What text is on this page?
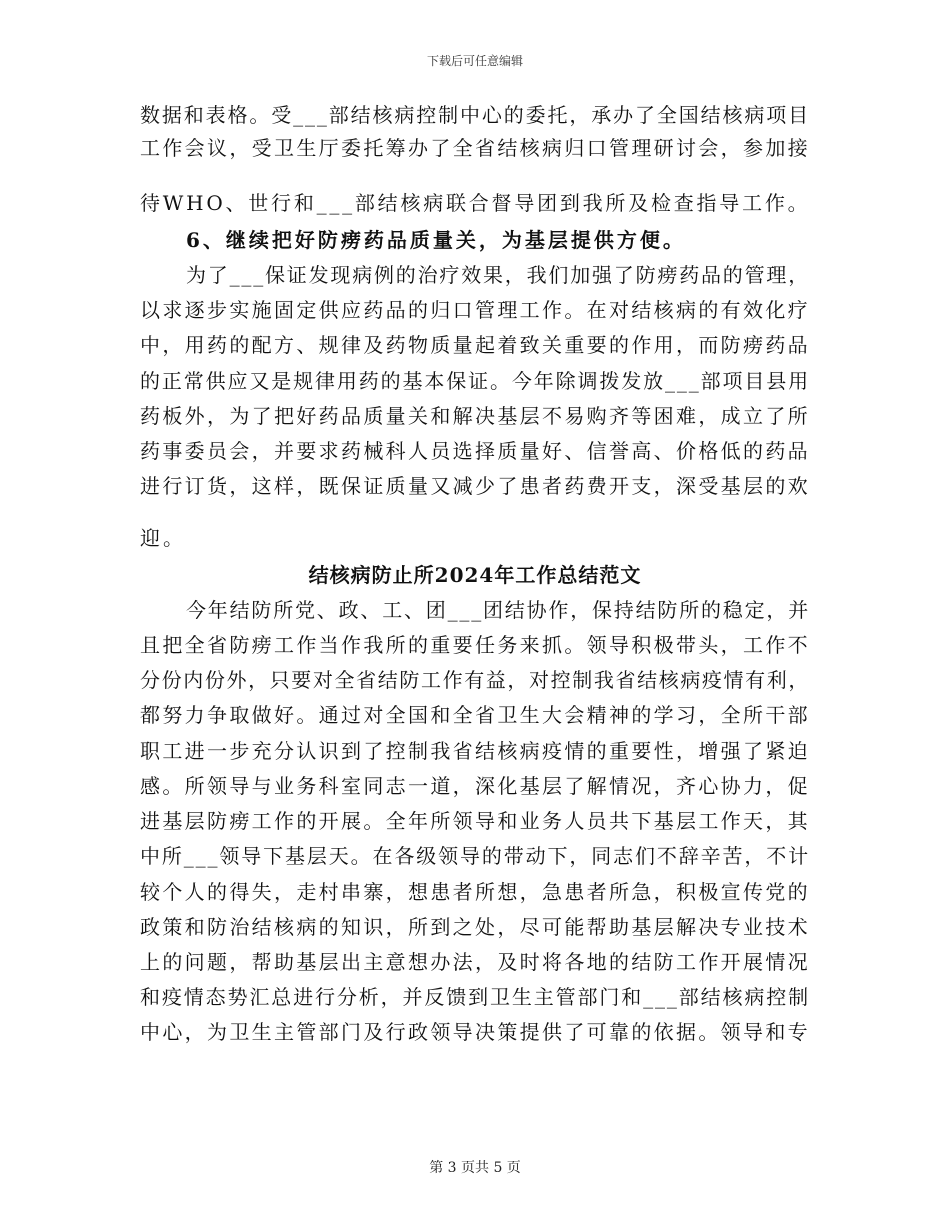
下载后可任意编辑
数据和表格。受___部结核病控制中心的委托，承办了全国结核病项目
工作会议，受卫生厅委托筹办了全省结核病归口管理研讨会，参加接
待WHO、世行和___部结核病联合督导团到我所及检查指导工作。
6、继续把好防痨药品质量关，为基层提供方便。
为了___保证发现病例的治疗效果，我们加强了防痨药品的管理，
以求逐步实施固定供应药品的归口管理工作。在对结核病的有效化疗
中，用药的配方、规律及药物质量起着致关重要的作用，而防痨药品
的正常供应又是规律用药的基本保证。今年除调拨发放___部项目县用
药板外，为了把好药品质量关和解决基层不易购齐等困难，成立了所
药事委员会，并要求药械科人员选择质量好、信誉高、价格低的药品
进行订货，这样，既保证质量又减少了患者药费开支，深受基层的欢
迎。
结核病防止所2024年工作总结范文
今年结防所党、政、工、团___团结协作，保持结防所的稳定，并
且把全省防痨工作当作我所的重要任务来抓。领导积极带头，工作不
分份内份外，只要对全省结防工作有益，对控制我省结核病疫情有利，
都努力争取做好。通过对全国和全省卫生大会精神的学习，全所干部
职工进一步充分认识到了控制我省结核病疫情的重要性，增强了紧迫
感。所领导与业务科室同志一道，深化基层了解情况，齐心协力，促
进基层防痨工作的开展。全年所领导和业务人员共下基层工作天，其
中所___领导下基层天。在各级领导的带动下，同志们不辞辛苦，不计
较个人的得失，走村串寨，想患者所想，急患者所急，积极宣传党的
政策和防治结核病的知识，所到之处，尽可能帮助基层解决专业技术
上的问题，帮助基层出主意想办法，及时将各地的结防工作开展情况
和疫情态势汇总进行分析，并反馈到卫生主管部门和___部结核病控制
中心，为卫生主管部门及行政领导决策提供了可靠的依据。领导和专
第 3 页共 5 页
